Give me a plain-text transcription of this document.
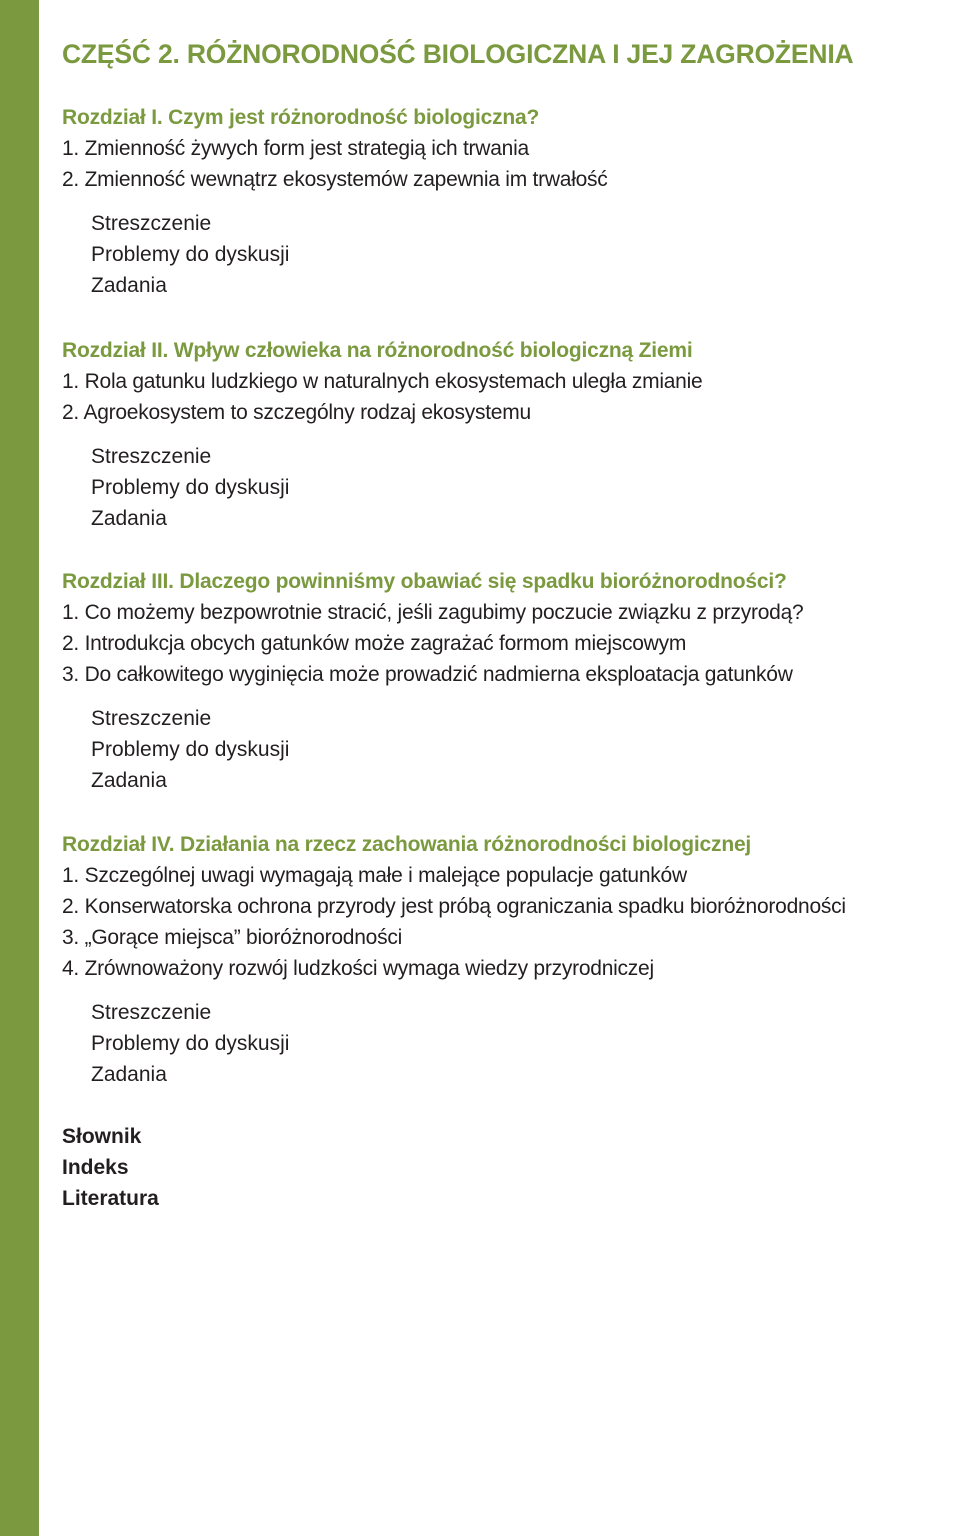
CZĘŚĆ 2. RÓŻNORODNOŚĆ BIOLOGICZNA I JEJ ZAGROŻENIA
Rozdział I. Czym jest różnorodność biologiczna?
1. Zmienność żywych form jest strategią ich trwania
2. Zmienność wewnątrz ekosystemów zapewnia im trwałość
Streszczenie
Problemy do dyskusji
Zadania
Rozdział II. Wpływ człowieka na różnorodność biologiczną Ziemi
1. Rola gatunku ludzkiego w naturalnych ekosystemach uległa zmianie
2. Agroekosystem to szczególny rodzaj ekosystemu
Streszczenie
Problemy do dyskusji
Zadania
Rozdział III. Dlaczego powinniśmy obawiać się spadku bioróżnorodności?
1. Co możemy bezpowrotnie stracić, jeśli zagubimy poczucie związku z przyrodą?
2. Introdukcja obcych gatunków może zagrażać formom miejscowym
3. Do całkowitego wyginięcia może prowadzić nadmierna eksploatacja gatunków
Streszczenie
Problemy do dyskusji
Zadania
Rozdział IV. Działania na rzecz zachowania różnorodności biologicznej
1. Szczególnej uwagi wymagają małe i malejące populacje gatunków
2. Konserwatorska ochrona przyrody jest próbą ograniczania spadku bioróżnorodności
3. „Gorące miejsca” bioróżnorodności
4. Zrównoważony rozwój ludzkości wymaga wiedzy przyrodniczej
Streszczenie
Problemy do dyskusji
Zadania
Słownik
Indeks
Literatura
